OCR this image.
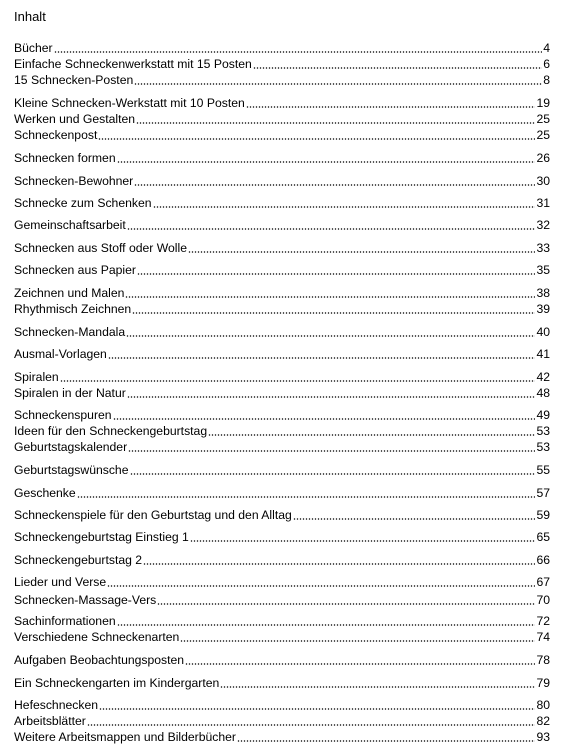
Inhalt
Bücher	4
Einfache Schneckenwerkstatt mit 15 Posten	6
15 Schnecken-Posten	8
Kleine Schnecken-Werkstatt mit 10 Posten	19
Werken und Gestalten	25
Schneckenpost	25
Schnecken formen	26
Schnecken-Bewohner	30
Schnecke zum Schenken	31
Gemeinschaftsarbeit	32
Schnecken aus Stoff oder Wolle	33
Schnecken aus Papier	35
Zeichnen und Malen	38
Rhythmisch Zeichnen	39
Schnecken-Mandala	40
Ausmal-Vorlagen	41
Spiralen	42
Spiralen in der Natur	48
Schneckenspuren	49
Ideen für den Schneckengeburtstag	53
Geburtstagskalender	53
Geburtstagswünsche	55
Geschenke	57
Schneckenspiele für den Geburtstag und den Alltag	59
Schneckengeburtstag Einstieg 1	65
Schneckengeburtstag 2	66
Lieder und Verse	67
Schnecken-Massage-Vers	70
Sachinformationen	72
Verschiedene Schneckenarten	74
Aufgaben Beobachtungsposten	78
Ein Schneckengarten im Kindergarten	79
Hefeschnecken	80
Arbeitsblätter	82
Weitere Arbeitsmappen und Bilderbücher	93
